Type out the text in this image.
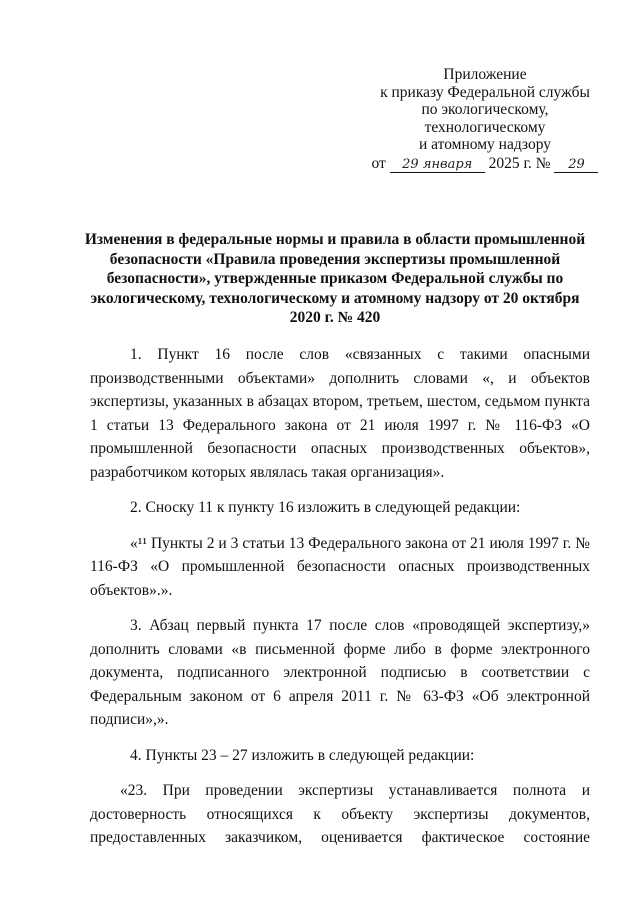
Приложение
к приказу Федеральной службы
по экологическому,
технологическому
и атомному надзору
от 29 января 2025 г. № 29
Изменения в федеральные нормы и правила в области промышленной безопасности «Правила проведения экспертизы промышленной безопасности», утвержденные приказом Федеральной службы по экологическому, технологическому и атомному надзору от 20 октября 2020 г. № 420

1. Пункт 16 после слов «связанных с такими опасными производственными объектами» дополнить словами «, и объектов экспертизы, указанных в абзацах втором, третьем, шестом, седьмом пункта 1 статьи 13 Федерального закона от 21 июля 1997 г. № 116-ФЗ «О промышленной безопасности опасных производственных объектов», разработчиком которых являлась такая организация».

2. Сноску 11 к пункту 16 изложить в следующей редакции:

«¹¹ Пункты 2 и 3 статьи 13 Федерального закона от 21 июля 1997 г. № 116-ФЗ «О промышленной безопасности опасных производственных объектов».».

3. Абзац первый пункта 17 после слов «проводящей экспертизу,» дополнить словами «в письменной форме либо в форме электронного документа, подписанного электронной подписью в соответствии с Федеральным законом от 6 апреля 2011 г. № 63-ФЗ «Об электронной подписи»,».

4. Пункты 23 – 27 изложить в следующей редакции:

«23. При проведении экспертизы устанавливается полнота и достоверность относящихся к объекту экспертизы документов, предоставленных заказчиком, оценивается фактическое состояние
